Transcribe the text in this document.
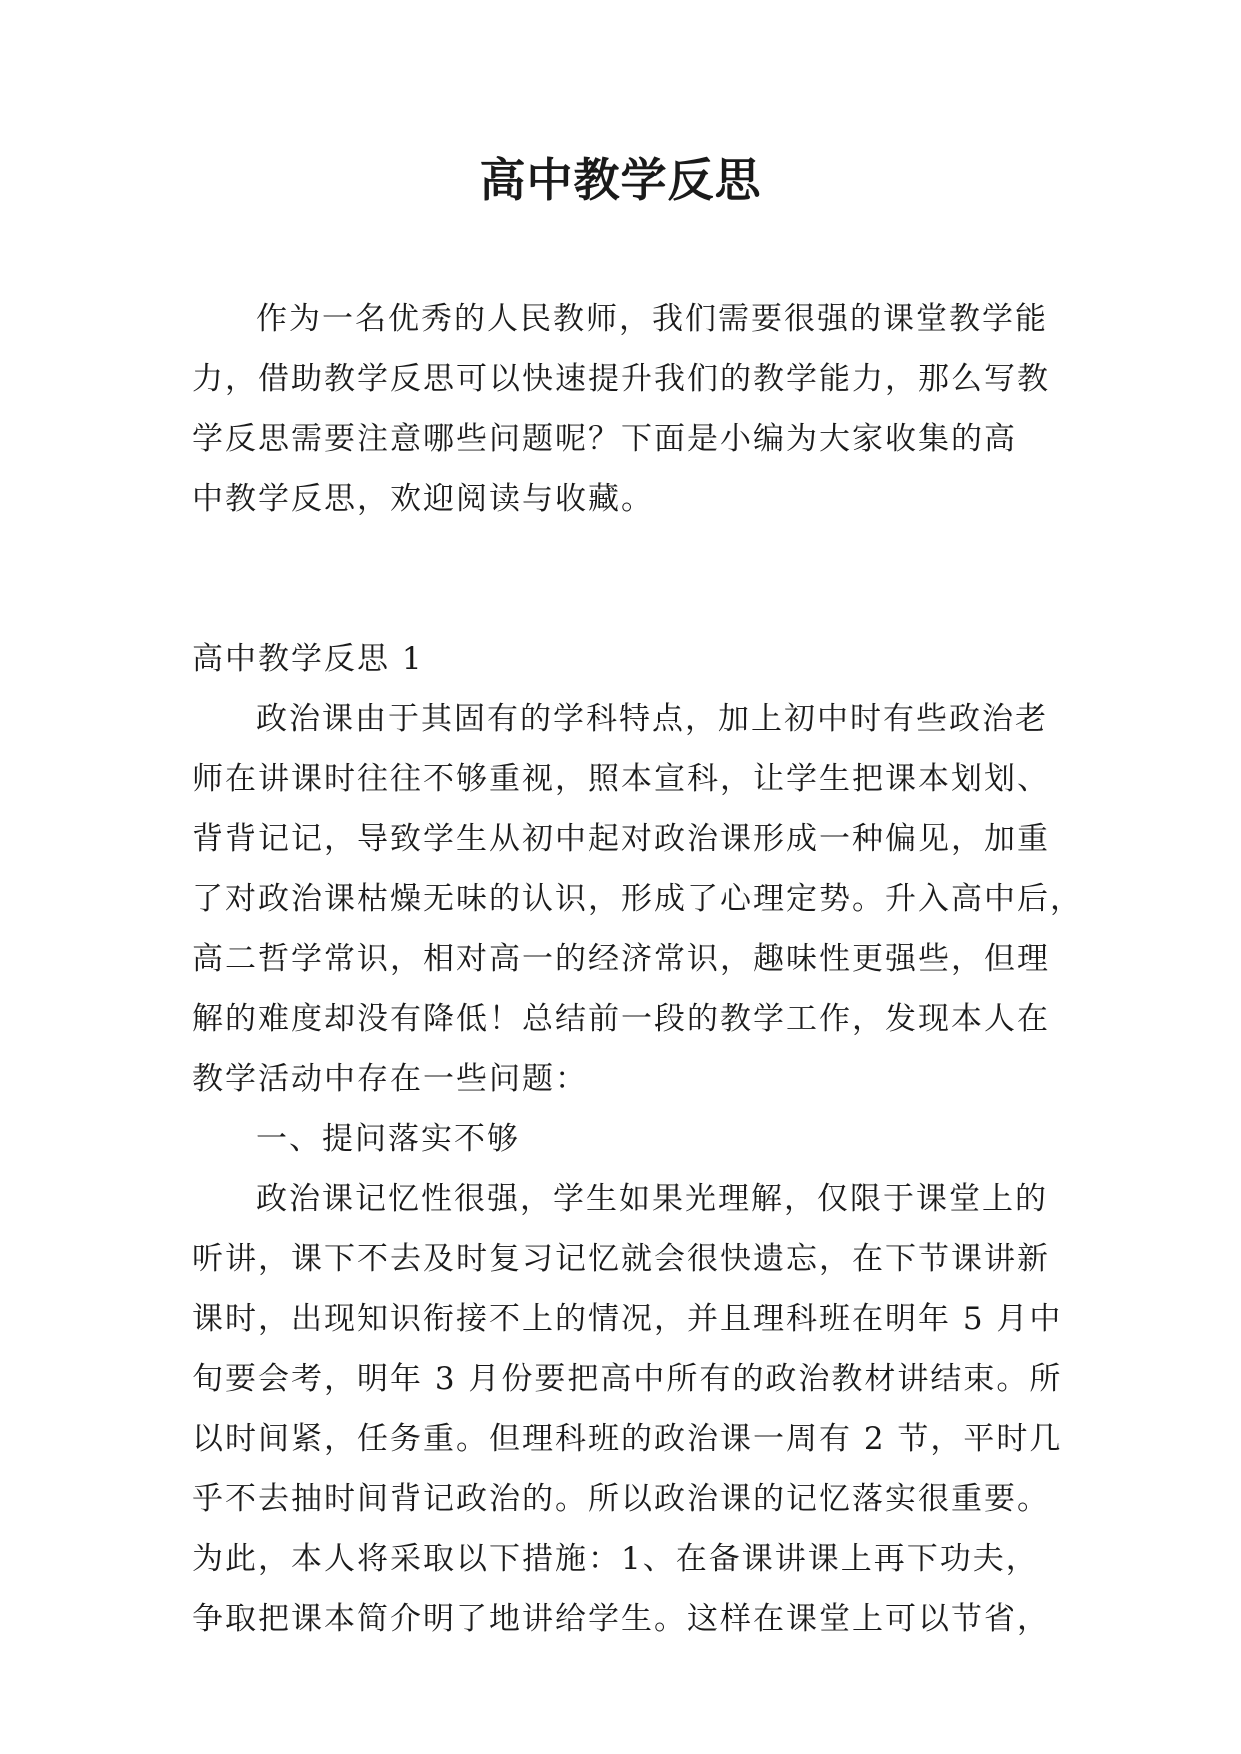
高中教学反思

作为一名优秀的人民教师，我们需要很强的课堂教学能

力，借助教学反思可以快速提升我们的教学能力，那么写教

学反思需要注意哪些问题呢？下面是小编为大家收集的高

中教学反思，欢迎阅读与收藏。

高中教学反思 1

政治课由于其固有的学科特点，加上初中时有些政治老

师在讲课时往往不够重视，照本宣科，让学生把课本划划、

背背记记，导致学生从初中起对政治课形成一种偏见，加重

了对政治课枯燥无味的认识，形成了心理定势。升入高中后，

高二哲学常识，相对高一的经济常识，趣味性更强些，但理

解的难度却没有降低！总结前一段的教学工作，发现本人在

教学活动中存在一些问题：

一、提问落实不够

政治课记忆性很强，学生如果光理解，仅限于课堂上的

听讲，课下不去及时复习记忆就会很快遗忘，在下节课讲新

课时，出现知识衔接不上的情况，并且理科班在明年 5 月中

旬要会考，明年 3 月份要把高中所有的政治教材讲结束。所

以时间紧，任务重。但理科班的政治课一周有 2 节，平时几

乎不去抽时间背记政治的。所以政治课的记忆落实很重要。

为此，本人将采取以下措施：1、在备课讲课上再下功夫，

争取把课本简介明了地讲给学生。这样在课堂上可以节省，
